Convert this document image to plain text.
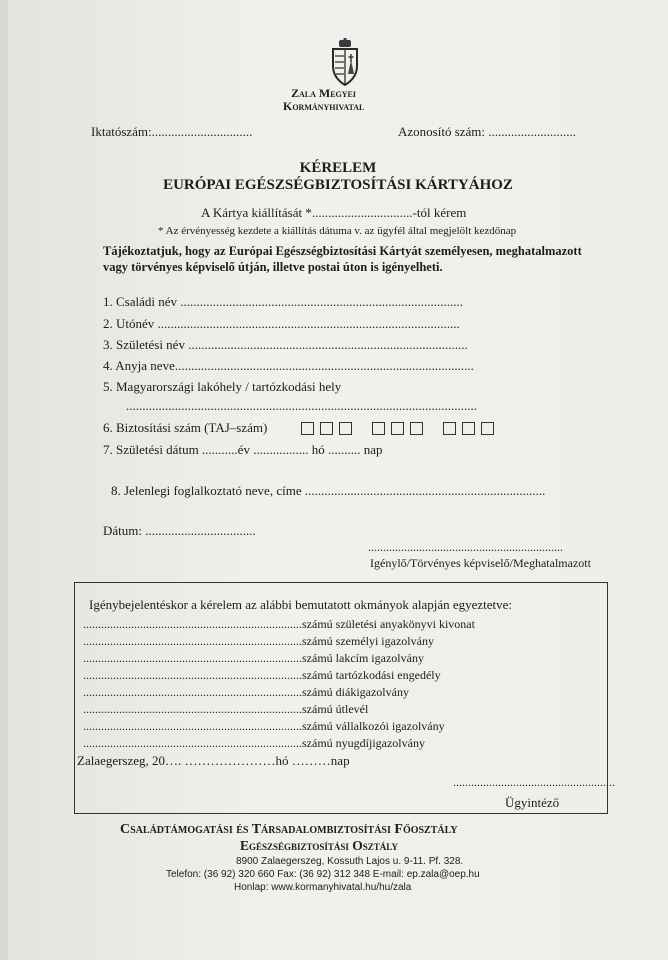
Zala Megyei
Kormányhivatal
Iktatószám:...............................	Azonosító szám: ...........................
KÉRELEM
EURÓPAI EGÉSZSÉGBIZTOSÍTÁSI KÁRTYÁHOZ
A Kártya kiállítását *...............................-tól kérem
* Az érvényesség kezdete a kiállítás dátuma v. az ügyfél által megjelölt kezdőnap
Tájékoztatjuk, hogy az Európai Egészségbiztosítási Kártyát személyesen, meghatalmazott
vagy törvényes képviselő útján, illetve postai úton is igényelheti.
1. Családi név .......................................................................................
2. Utónév .............................................................................................
3. Születési név ......................................................................................
4. Anyja neve............................................................................................
5. Magyarországi lakóhely / tartózkodási hely
............................................................................................................
6. Biztosítási szám (TAJ–szám)
7. Születési dátum ...........év ................. hó .......... nap
8. Jelenlegi foglalkoztató neve, címe ..........................................................................
Dátum: ..................................
.................................................................
Igénylő/Törvényes képviselő/Meghatalmazott
Igénybejelentéskor a kérelem az alábbi bemutatott okmányok alapján egyeztetve:
.........................................................................számú születési anyakönyvi kivonat
.........................................................................számú személyi igazolvány
.........................................................................számú lakcím igazolvány
.........................................................................számú tartózkodási engedély
.........................................................................számú diákigazolvány
.........................................................................számú útlevél
.........................................................................számú vállalkozói igazolvány
.........................................................................számú nyugdíjigazolvány
Zalaegerszeg, 20…. …………………hó ………nap
......................................................
Ügyintéző
Családtámogatási és Társadalombiztosítási Főosztály
Egészségbiztosítási Osztály
8900 Zalaegerszeg, Kossuth Lajos u. 9-11. Pf. 328.
Telefon: (36 92) 320 660 Fax: (36 92) 312 348 E-mail: ep.zala@oep.hu
Honlap: www.kormanyhivatal.hu/hu/zala
